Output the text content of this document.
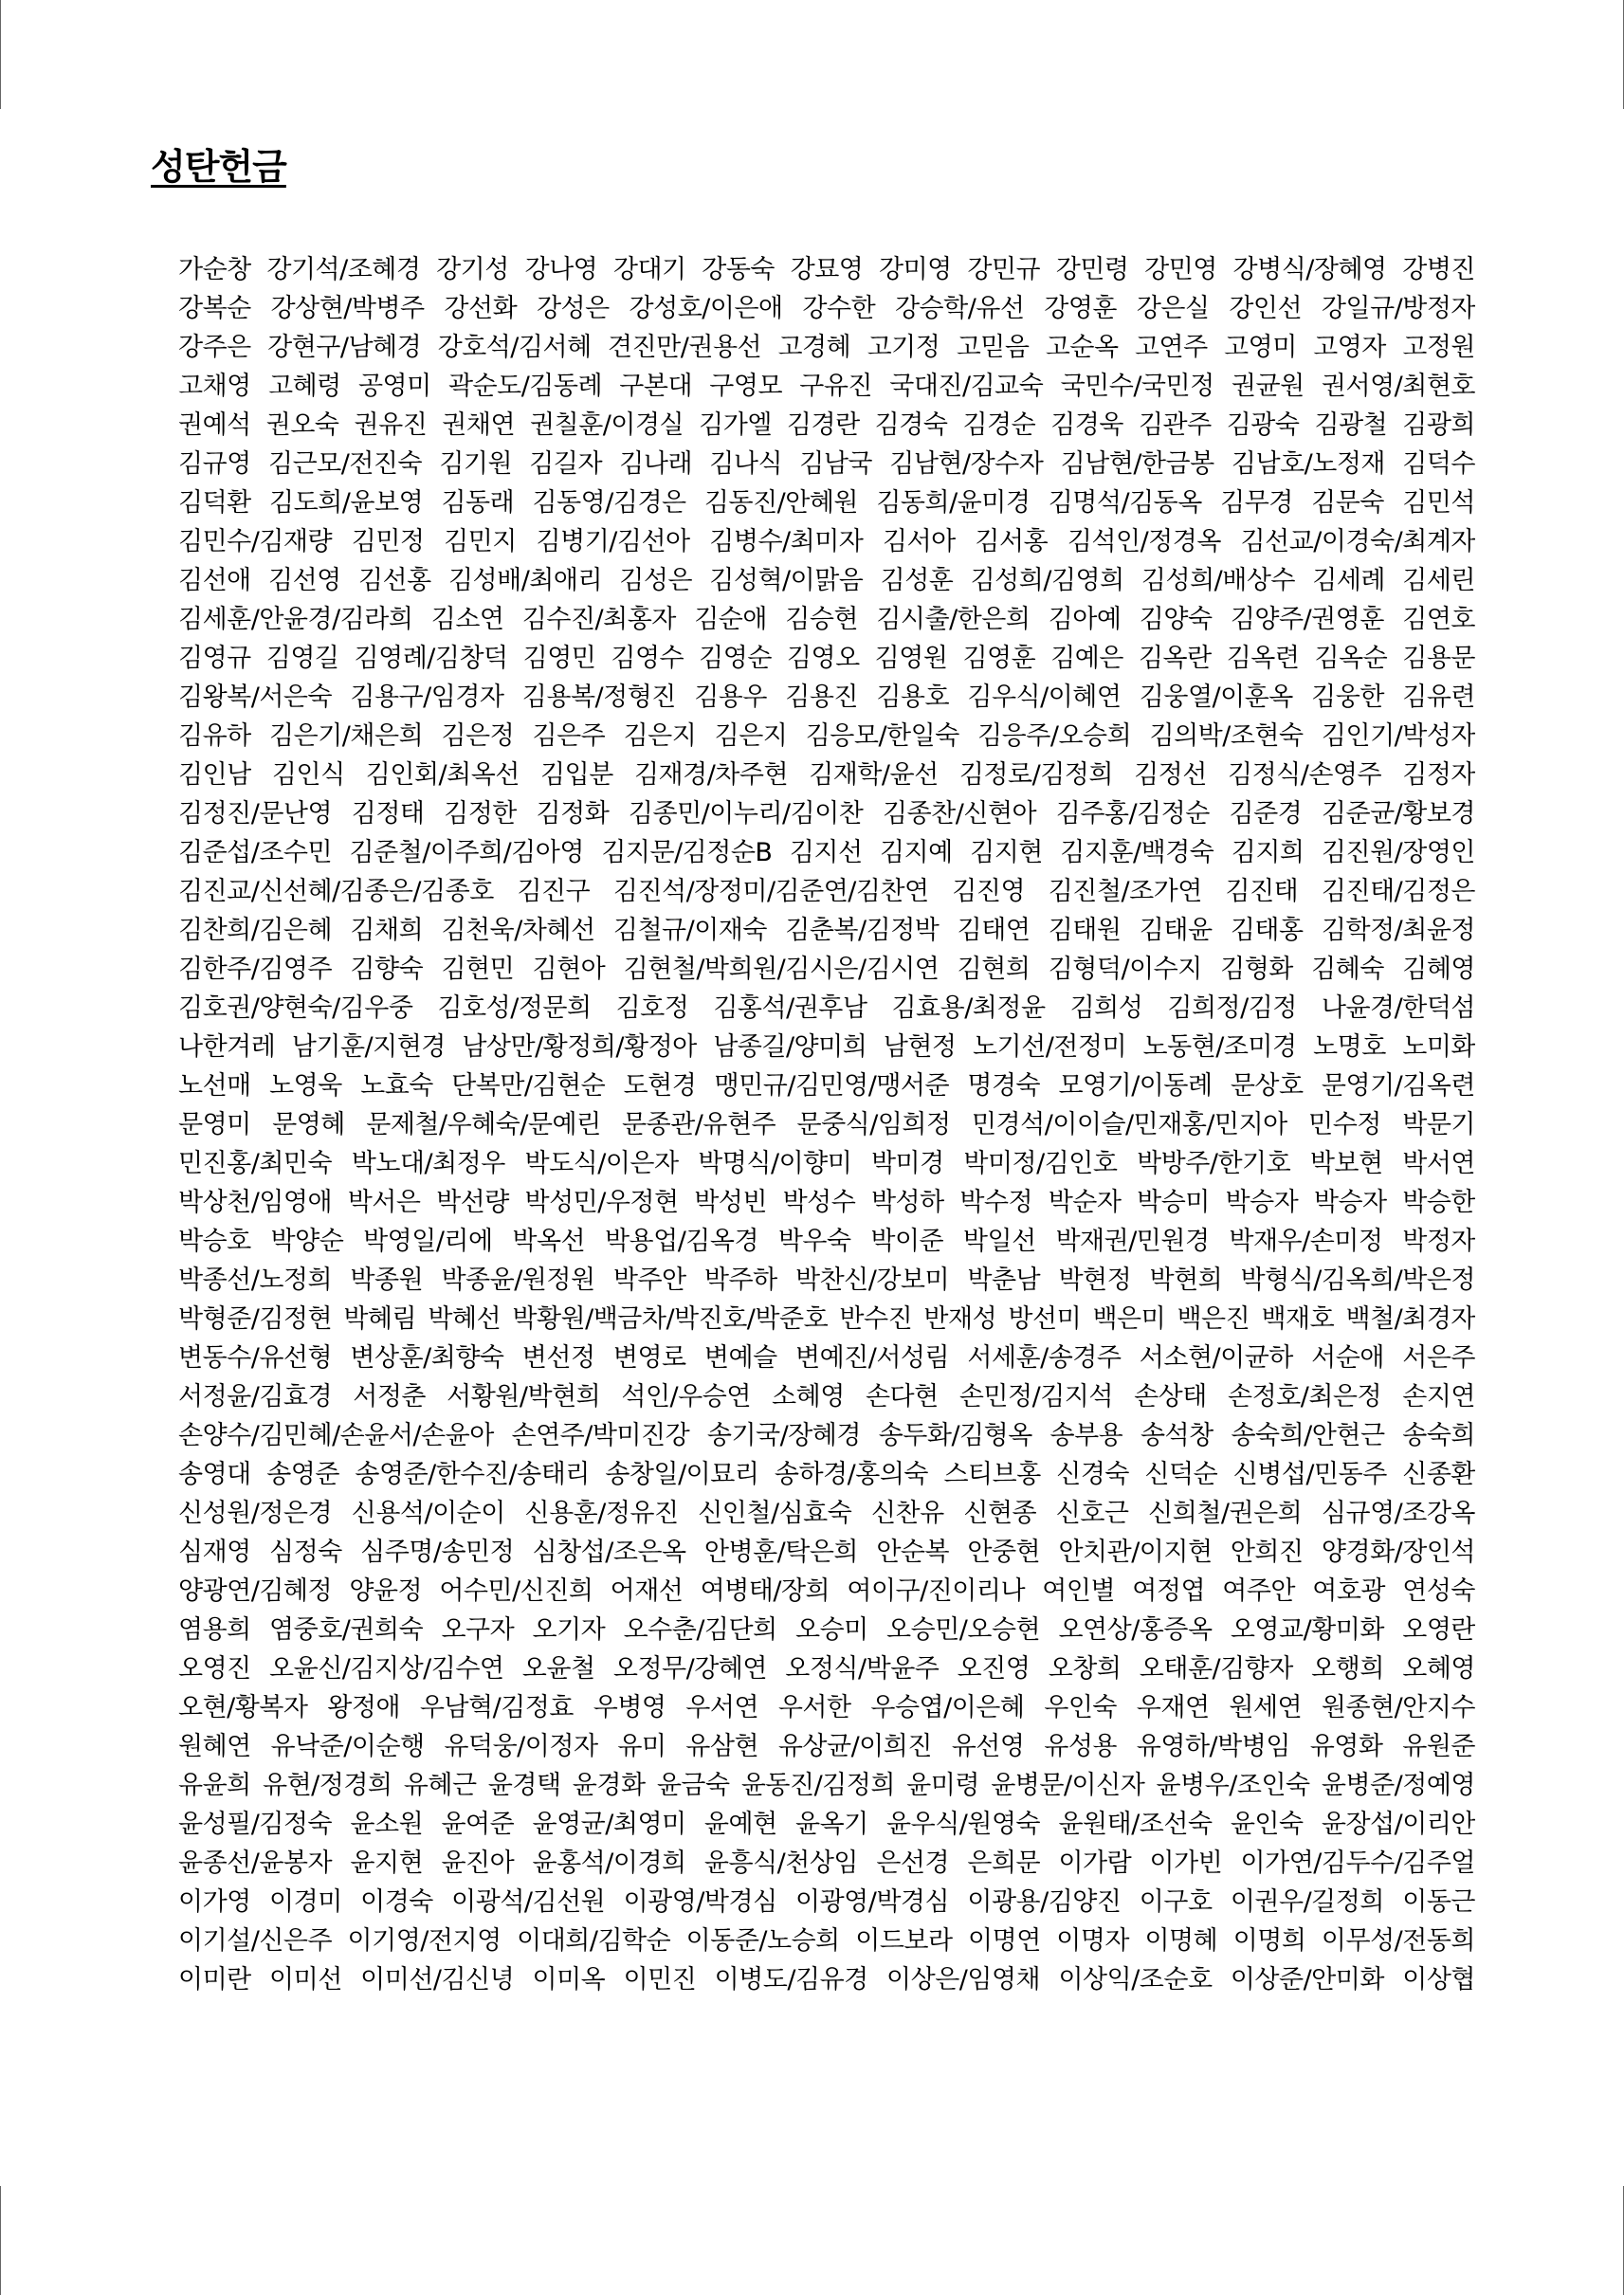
성탄헌금
가순창 강기석/조혜경 강기성 강나영 강대기 강동숙 강묘영 강미영 강민규 강민령 강민영 강병식/장혜영 강병진
강복순 강상현/박병주 강선화 강성은 강성호/이은애 강수한 강승학/유선 강영훈 강은실 강인선 강일규/방정자
강주은 강현구/남혜경 강호석/김서혜 견진만/권용선 고경혜 고기정 고믿음 고순옥 고연주 고영미 고영자 고정원
고채영 고혜령 공영미 곽순도/김동례 구본대 구영모 구유진 국대진/김교숙 국민수/국민정 권균원 권서영/최현호
권예석 권오숙 권유진 권채연 권칠훈/이경실 김가엘 김경란 김경숙 김경순 김경욱 김관주 김광숙 김광철 김광희
김규영 김근모/전진숙 김기원 김길자 김나래 김나식 김남국 김남현/장수자 김남현/한금봉 김남호/노정재 김덕수
김덕환 김도희/윤보영 김동래 김동영/김경은 김동진/안혜원 김동희/윤미경 김명석/김동옥 김무경 김문숙 김민석
김민수/김재량 김민정 김민지 김병기/김선아 김병수/최미자 김서아 김서홍 김석인/정경옥 김선교/이경숙/최계자
김선애 김선영 김선홍 김성배/최애리 김성은 김성혁/이맑음 김성훈 김성희/김영희 김성희/배상수 김세례 김세린
김세훈/안윤경/김라희 김소연 김수진/최홍자 김순애 김승현 김시출/한은희 김아예 김양숙 김양주/권영훈 김연호
김영규 김영길 김영례/김창덕 김영민 김영수 김영순 김영오 김영원 김영훈 김예은 김옥란 김옥련 김옥순 김용문
김왕복/서은숙 김용구/임경자 김용복/정형진 김용우 김용진 김용호 김우식/이혜연 김웅열/이훈옥 김웅한 김유련
김유하 김은기/채은희 김은정 김은주 김은지 김은지 김응모/한일숙 김응주/오승희 김의박/조현숙 김인기/박성자
김인남 김인식 김인회/최옥선 김입분 김재경/차주현 김재학/윤선 김정로/김정희 김정선 김정식/손영주 김정자
김정진/문난영 김정태 김정한 김정화 김종민/이누리/김이찬 김종찬/신현아 김주홍/김정순 김준경 김준균/황보경
김준섭/조수민 김준철/이주희/김아영 김지문/김정순B 김지선 김지예 김지현 김지훈/백경숙 김지희 김진원/장영인
김진교/신선혜/김종은/김종호 김진구 김진석/장정미/김준연/김찬연 김진영 김진철/조가연 김진태 김진태/김정은
김찬희/김은혜 김채희 김천욱/차혜선 김철규/이재숙 김춘복/김정박 김태연 김태원 김태윤 김태홍 김학정/최윤정
김한주/김영주 김향숙 김현민 김현아 김현철/박희원/김시은/김시연 김현희 김형덕/이수지 김형화 김혜숙 김혜영
김호권/양현숙/김우중 김호성/정문희 김호정 김홍석/권후남 김효용/최정윤 김희성 김희정/김정 나윤경/한덕섬
나한겨레 남기훈/지현경 남상만/황정희/황정아 남종길/양미희 남현정 노기선/전정미 노동현/조미경 노명호 노미화
노선매 노영욱 노효숙 단복만/김현순 도현경 맹민규/김민영/맹서준 명경숙 모영기/이동례 문상호 문영기/김옥련
문영미 문영혜 문제철/우혜숙/문예린 문종관/유현주 문중식/임희정 민경석/이이슬/민재홍/민지아 민수정 박문기
민진홍/최민숙 박노대/최정우 박도식/이은자 박명식/이향미 박미경 박미정/김인호 박방주/한기호 박보현 박서연
박상천/임영애 박서은 박선량 박성민/우정현 박성빈 박성수 박성하 박수정 박순자 박승미 박승자 박승자 박승한
박승호 박양순 박영일/리에 박옥선 박용업/김옥경 박우숙 박이준 박일선 박재권/민원경 박재우/손미정 박정자
박종선/노정희 박종원 박종윤/원정원 박주안 박주하 박찬신/강보미 박춘남 박현정 박현희 박형식/김옥희/박은정
박형준/김정현 박혜림 박혜선 박황원/백금차/박진호/박준호 반수진 반재성 방선미 백은미 백은진 백재호 백철/최경자
변동수/유선형 변상훈/최향숙 변선정 변영로 변예슬 변예진/서성림 서세훈/송경주 서소현/이균하 서순애 서은주
서정윤/김효경 서정춘 서황원/박현희 석인/우승연 소혜영 손다현 손민정/김지석 손상태 손정호/최은정 손지연
손양수/김민혜/손윤서/손윤아 손연주/박미진강 송기국/장혜경 송두화/김형옥 송부용 송석창 송숙희/안현근 송숙희
송영대 송영준 송영준/한수진/송태리 송창일/이묘리 송하경/홍의숙 스티브홍 신경숙 신덕순 신병섭/민동주 신종환
신성원/정은경 신용석/이순이 신용훈/정유진 신인철/심효숙 신찬유 신현종 신호근 신희철/권은희 심규영/조강옥
심재영 심정숙 심주명/송민정 심창섭/조은옥 안병훈/탁은희 안순복 안중현 안치관/이지현 안희진 양경화/장인석
양광연/김혜정 양윤정 어수민/신진희 어재선 여병태/장희 여이구/진이리나 여인별 여정엽 여주안 여호광 연성숙
염용희 염중호/권희숙 오구자 오기자 오수춘/김단희 오승미 오승민/오승현 오연상/홍증옥 오영교/황미화 오영란
오영진 오윤신/김지상/김수연 오윤철 오정무/강혜연 오정식/박윤주 오진영 오창희 오태훈/김향자 오행희 오혜영
오현/황복자 왕정애 우남혁/김정효 우병영 우서연 우서한 우승엽/이은혜 우인숙 우재연 원세연 원종현/안지수
원혜연 유낙준/이순행 유덕웅/이정자 유미 유삼현 유상균/이희진 유선영 유성용 유영하/박병임 유영화 유원준
유윤희 유현/정경희 유혜근 윤경택 윤경화 윤금숙 윤동진/김정희 윤미령 윤병문/이신자 윤병우/조인숙 윤병준/정예영
윤성필/김정숙 윤소원 윤여준 윤영균/최영미 윤예현 윤옥기 윤우식/원영숙 윤원태/조선숙 윤인숙 윤장섭/이리안
윤종선/윤봉자 윤지현 윤진아 윤홍석/이경희 윤흥식/천상임 은선경 은희문 이가람 이가빈 이가연/김두수/김주얼
이가영 이경미 이경숙 이광석/김선원 이광영/박경심 이광영/박경심 이광용/김양진 이구호 이권우/길정희 이동근
이기설/신은주 이기영/전지영 이대희/김학순 이동준/노승희 이드보라 이명연 이명자 이명혜 이명희 이무성/전동희
이미란 이미선 이미선/김신녕 이미옥 이민진 이병도/김유경 이상은/임영채 이상익/조순호 이상준/안미화 이상협
